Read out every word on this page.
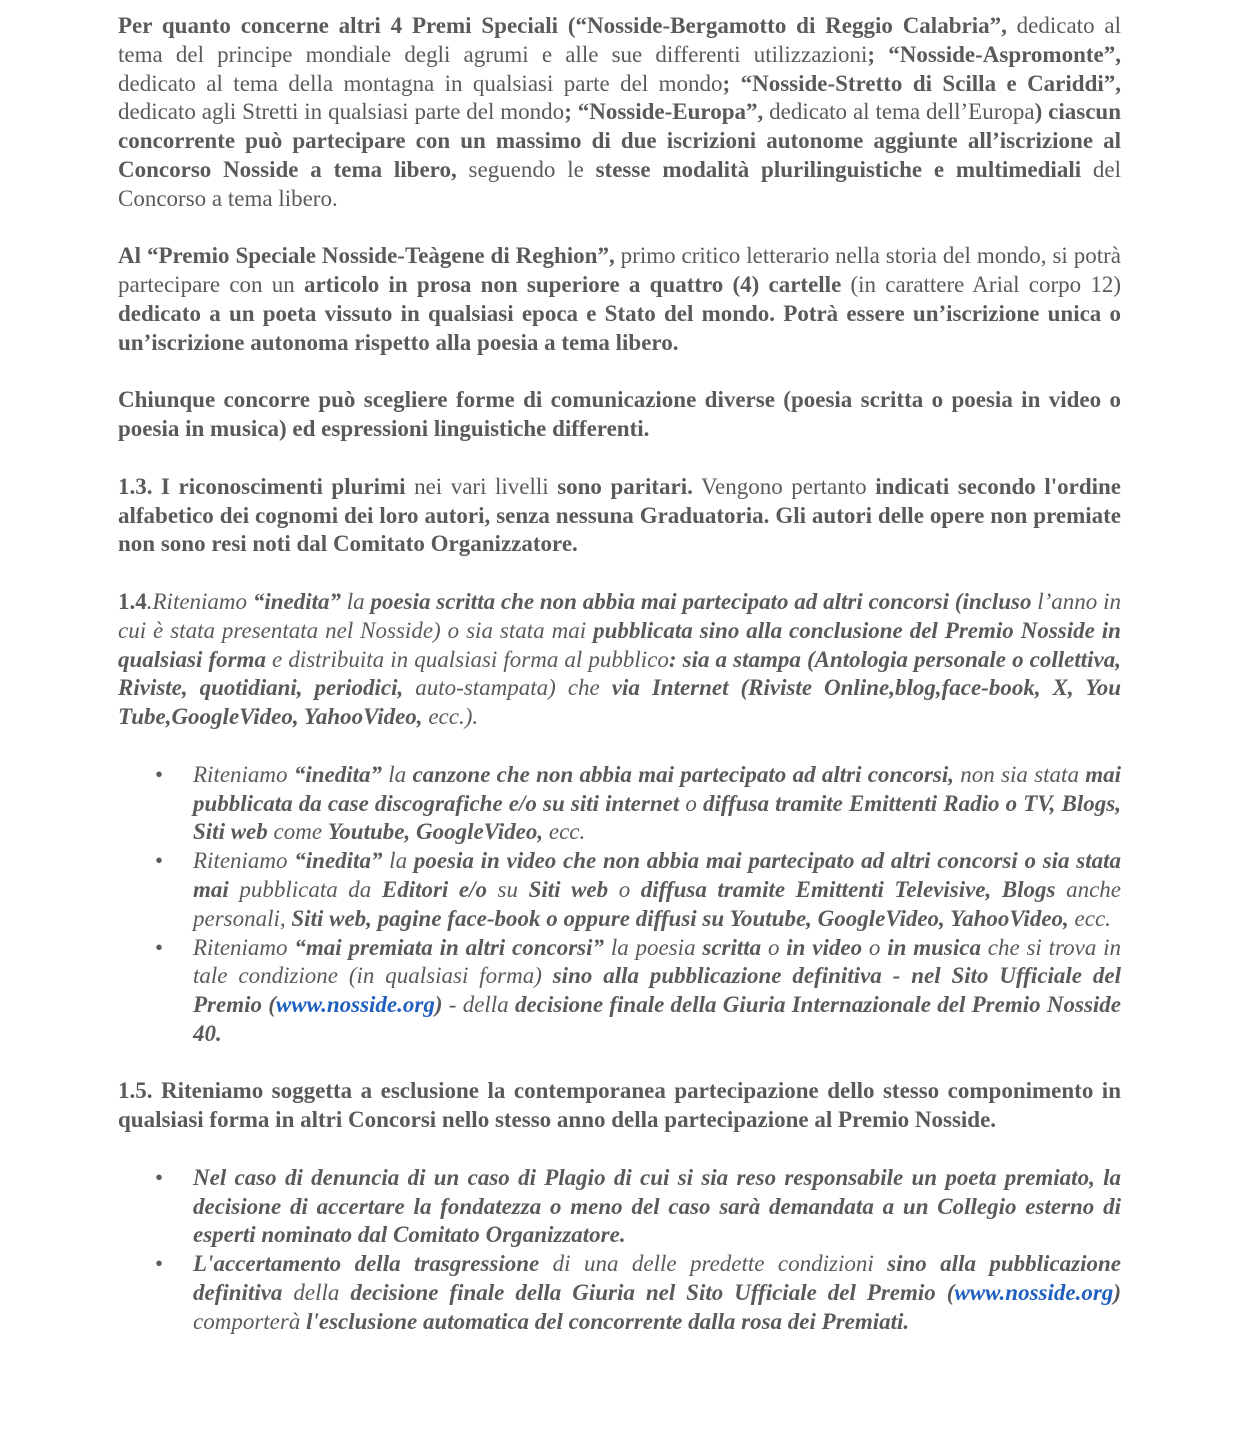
Per quanto concerne altri 4 Premi Speciali (“Nosside-Bergamotto di Reggio Calabria”, dedicato al tema del principe mondiale degli agrumi e alle sue differenti utilizzazioni; “Nosside-Aspromonte”, dedicato al tema della montagna in qualsiasi parte del mondo; “Nosside-Stretto di Scilla e Cariddi”, dedicato agli Stretti in qualsiasi parte del mondo; “Nosside-Europa”, dedicato al tema dell’Europa) ciascun concorrente può partecipare con un massimo di due iscrizioni autonome aggiunte all’iscrizione al Concorso Nosside a tema libero, seguendo le stesse modalità plurilinguistiche e multimediali del Concorso a tema libero.

Al “Premio Speciale Nosside-Teàgene di Reghion”, primo critico letterario nella storia del mondo, si potrà partecipare con un articolo in prosa non superiore a quattro (4) cartelle (in carattere Arial corpo 12) dedicato a un poeta vissuto in qualsiasi epoca e Stato del mondo. Potrà essere un’iscrizione unica o un’iscrizione autonoma rispetto alla poesia a tema libero.

Chiunque concorre può scegliere forme di comunicazione diverse (poesia scritta o poesia in video o poesia in musica) ed espressioni linguistiche differenti.

1.3. I riconoscimenti plurimi nei vari livelli sono paritari. Vengono pertanto indicati secondo l'ordine alfabetico dei cognomi dei loro autori, senza nessuna Graduatoria. Gli autori delle opere non premiate non sono resi noti dal Comitato Organizzatore.

1.4.Riteniamo “inedita” la poesia scritta che non abbia mai partecipato ad altri concorsi (incluso l’anno in cui è stata presentata nel Nosside) o sia stata mai pubblicata sino alla conclusione del Premio Nosside in qualsiasi forma e distribuita in qualsiasi forma al pubblico: sia a stampa (Antologia personale o collettiva, Riviste, quotidiani, periodici, auto-stampata) che via Internet (Riviste Online,blog,face-book, X, You Tube,GoogleVideo, YahooVideo, ecc.).

• Riteniamo “inedita” la canzone che non abbia mai partecipato ad altri concorsi, non sia stata mai pubblicata da case discografiche e/o su siti internet o diffusa tramite Emittenti Radio o TV, Blogs, Siti web come Youtube, GoogleVideo, ecc.
• Riteniamo “inedita” la poesia in video che non abbia mai partecipato ad altri concorsi o sia stata mai pubblicata da Editori e/o su Siti web o diffusa tramite Emittenti Televisive, Blogs anche personali, Siti web, pagine face-book o oppure diffusi su Youtube, GoogleVideo, YahooVideo, ecc.
• Riteniamo “mai premiata in altri concorsi” la poesia scritta o in video o in musica che si trova in tale condizione (in qualsiasi forma) sino alla pubblicazione definitiva - nel Sito Ufficiale del Premio (www.nosside.org) - della decisione finale della Giuria Internazionale del Premio Nosside 40.

1.5. Riteniamo soggetta a esclusione la contemporanea partecipazione dello stesso componimento in qualsiasi forma in altri Concorsi nello stesso anno della partecipazione al Premio Nosside.

• Nel caso di denuncia di un caso di Plagio di cui si sia reso responsabile un poeta premiato, la decisione di accertare la fondatezza o meno del caso sarà demandata a un Collegio esterno di esperti nominato dal Comitato Organizzatore.
• L'accertamento della trasgressione di una delle predette condizioni sino alla pubblicazione definitiva della decisione finale della Giuria nel Sito Ufficiale del Premio (www.nosside.org) comporterà l'esclusione automatica del concorrente dalla rosa dei Premiati.
